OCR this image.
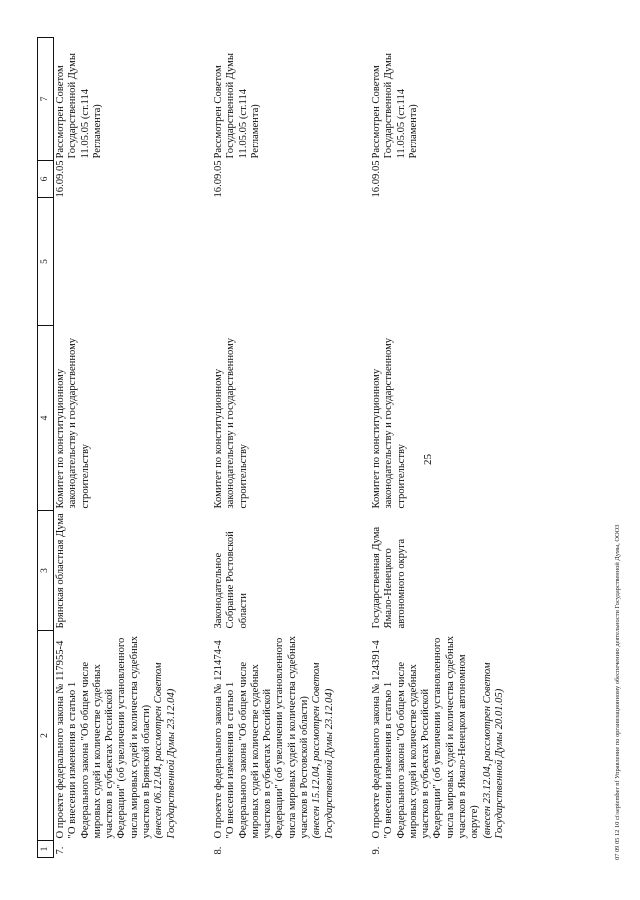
25
1	2	3	4	5	6	7
7.	О проекте федерального закона № 117955-4 "О внесении изменения в статью 1 Федерального закона "Об общем числе мировых судей и количестве судебных участков в субъектах Российской Федерации" (об увеличении установленного числа мировых судей и количества судебных участков в Брянской области) (внесен 06.12.04, рассмотрен Советом Государственной Думы 23.12.04)	Брянская областная Дума	Комитет по конституционному законодательству и государственному строительству		16.09.05	Рассмотрен Советом Государственной Думы 11.05.05 (ст.114 Регламента)
8.	О проекте федерального закона № 121474-4 "О внесении изменения в статью 1 Федерального закона "Об общем числе мировых судей и количестве судебных участков в субъектах Российской Федерации" (об увеличении установленного числа мировых судей и количества судебных участков в Ростовской области) (внесен 15.12.04, рассмотрен Советом Государственной Думы 23.12.04)	Законодательное Собрание Ростовской области	Комитет по конституционному законодательству и государственному строительству		16.09.05	Рассмотрен Советом Государственной Думы 11.05.05 (ст.114 Регламента)
9.	О проекте федерального закона № 124391-4 "О внесении изменения в статью 1 Федерального закона "Об общем числе мировых судей и количестве судебных участков в субъектах Российской Федерации" (об увеличении установленного числа мировых судей и количества судебных участков в Ямало-Ненецком автономном округе) (внесен 23.12.04, рассмотрен Советом Государственной Думы 20.01.05)	Государственная Дума Ямало-Ненецкого автономного округа	Комитет по конституционному законодательству и государственному строительству		16.09.05	Рассмотрен Советом Государственной Думы 11.05.05 (ст.114 Регламента)
07 09 05 12 10 ci\september nf Управление по организационному обеспечению деятельности Государственной Думы, ООО3
